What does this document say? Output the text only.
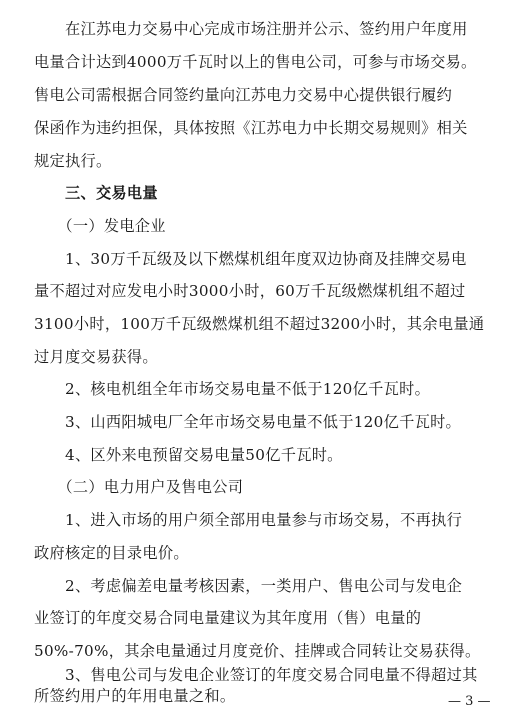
　　在江苏电力交易中心完成市场注册并公示、签约用户年度用
电量合计达到4000万千瓦时以上的售电公司，可参与市场交易。
售电公司需根据合同签约量向江苏电力交易中心提供银行履约
保函作为违约担保，具体按照《江苏电力中长期交易规则》相关
规定执行。
　　三、交易电量
　　（一）发电企业
　　1、30万千瓦级及以下燃煤机组年度双边协商及挂牌交易电
量不超过对应发电小时3000小时，60万千瓦级燃煤机组不超过
3100小时，100万千瓦级燃煤机组不超过3200小时，其余电量通
过月度交易获得。
　　2、核电机组全年市场交易电量不低于120亿千瓦时。
　　3、山西阳城电厂全年市场交易电量不低于120亿千瓦时。
　　4、区外来电预留交易电量50亿千瓦时。
　　（二）电力用户及售电公司
　　1、进入市场的用户须全部用电量参与市场交易，不再执行
政府核定的目录电价。
　　2、考虑偏差电量考核因素，一类用户、售电公司与发电企
业签订的年度交易合同电量建议为其年度用（售）电量的
50%-70%，其余电量通过月度竞价、挂牌或合同转让交易获得。
　　3、售电公司与发电企业签订的年度交易合同电量不得超过其
所签约用户的年用电量之和。	— 3 —
